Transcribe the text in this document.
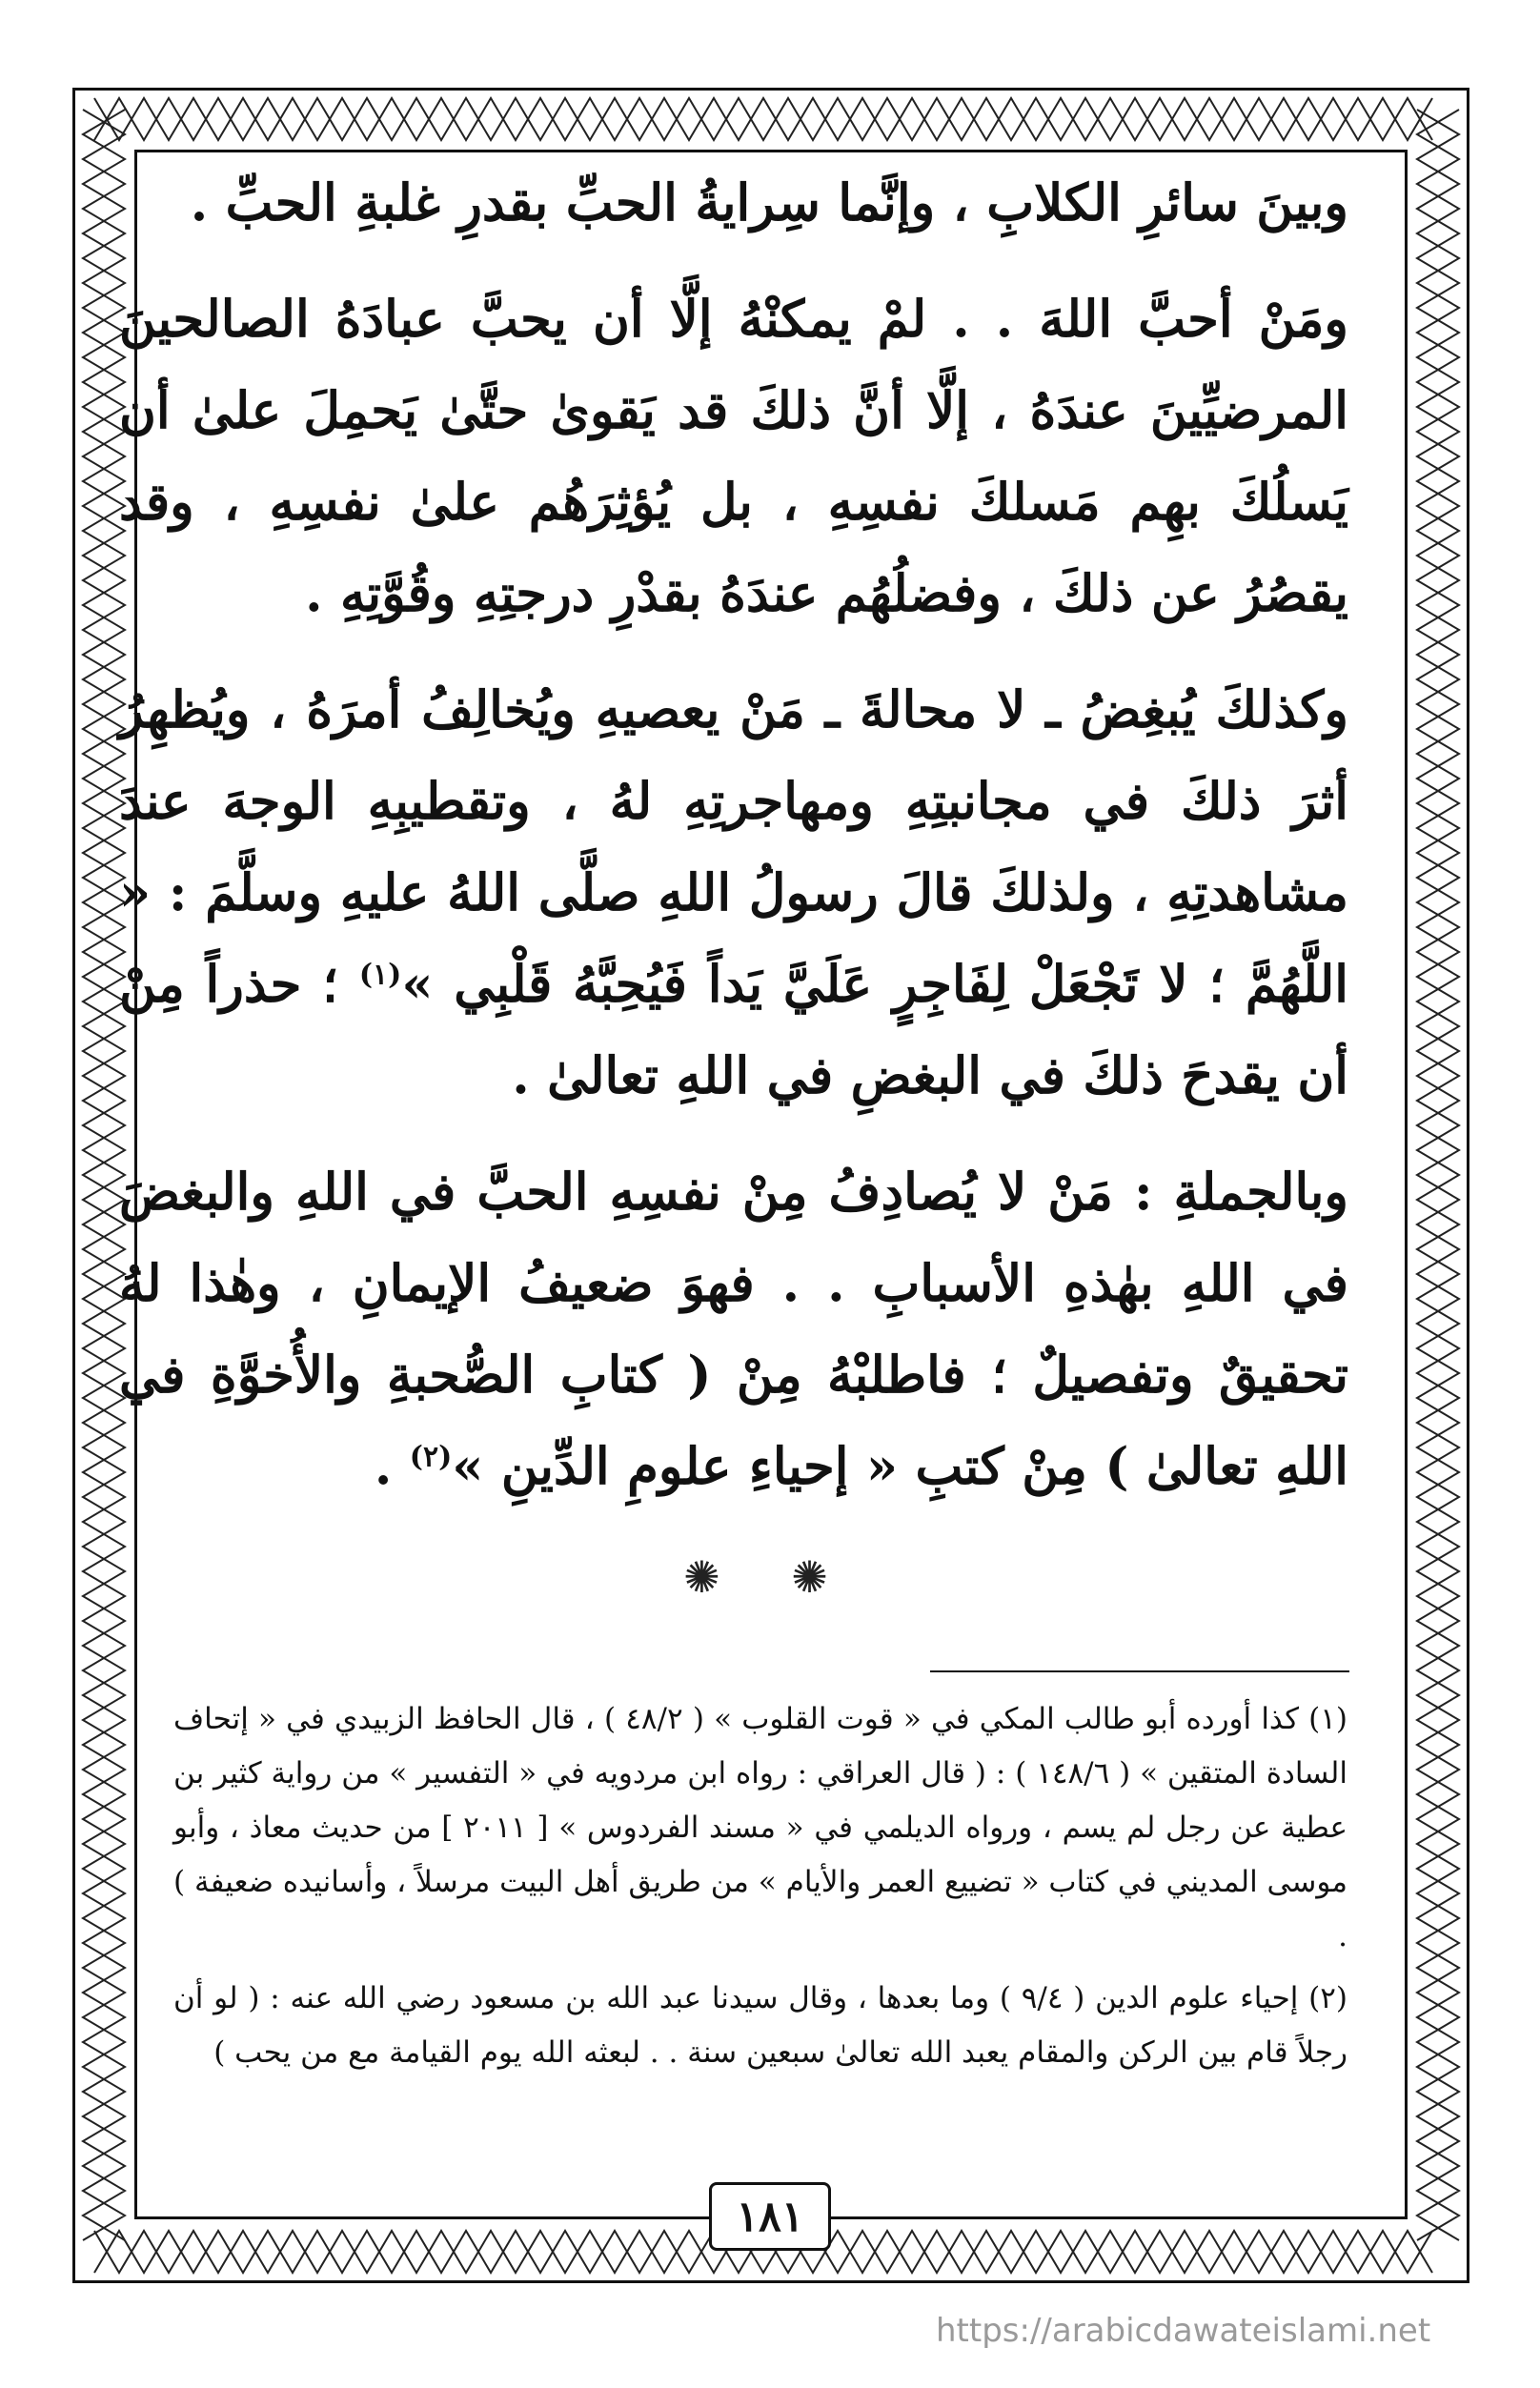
وبينَ سائرِ الكلابِ ، وإنَّما سِرايةُ الحبِّ بقدرِ غلبةِ الحبِّ .

ومَنْ أحبَّ اللهَ . . لمْ يمكنْهُ إلَّا أن يحبَّ عبادَهُ الصالحينَ المرضيِّينَ عندَهُ ، إلَّا أنَّ ذلكَ قد يَقوىٰ حتَّىٰ يَحمِلَ علىٰ أن يَسلُكَ بهِم مَسلكَ نفسِهِ ، بل يُؤثِرَهُم علىٰ نفسِهِ ، وقد يقصُرُ عن ذلكَ ، وفضلُهُم عندَهُ بقدْرِ درجتِهِ وقُوَّتِهِ .

وكذلكَ يُبغِضُ ـ لا محالةَ ـ مَنْ يعصيهِ ويُخالِفُ أمرَهُ ، ويُظهِرُ أثرَ ذلكَ في مجانبتِهِ ومهاجرتِهِ لهُ ، وتقطيبِهِ الوجهَ عندَ مشاهدتِهِ ، ولذلكَ قالَ رسولُ اللهِ صلَّى اللهُ عليهِ وسلَّمَ : « اللَّهُمَّ ؛ لا تَجْعَلْ لِفَاجِرٍ عَلَيَّ يَداً فَيُحِبَّهُ قَلْبِي »$^{(١)}$ ؛ حذراً مِنْ أن يقدحَ ذلكَ في البغضِ في اللهِ تعالىٰ .

وبالجملةِ : مَنْ لا يُصادِفُ مِنْ نفسِهِ الحبَّ في اللهِ والبغضَ في اللهِ بهٰذهِ الأسبابِ . . فهوَ ضعيفُ الإيمانِ ، وهٰذا لهُ تحقيقٌ وتفصيلٌ ؛ فاطلبْهُ مِنْ ( كتابِ الصُّحبةِ والأُخوَّةِ في اللهِ تعالىٰ ) مِنْ كتبِ « إحياءِ علومِ الدِّينِ »$^{(٢)}$ .

✺ ✺

(١) كذا أورده أبو طالب المكي في « قوت القلوب » ( ٤٨/٢ ) ، قال الحافظ الزبيدي في « إتحاف السادة المتقين » ( ١٤٨/٦ ) : ( قال العراقي : رواه ابن مردويه في « التفسير » من رواية كثير بن عطية عن رجل لم يسم ، ورواه الديلمي في « مسند الفردوس » [ ٢٠١١ ] من حديث معاذ ، وأبو موسى المديني في كتاب « تضييع العمر والأيام » من طريق أهل البيت مرسلاً ، وأسانيده ضعيفة ) .

(٢) إحياء علوم الدين ( ٩/٤ ) وما بعدها ، وقال سيدنا عبد الله بن مسعود رضي الله عنه : ( لو أن رجلاً قام بين الركن والمقام يعبد الله تعالىٰ سبعين سنة . . لبعثه الله يوم القيامة مع من يحب )

١٨١
https://arabicdawateislami.net
